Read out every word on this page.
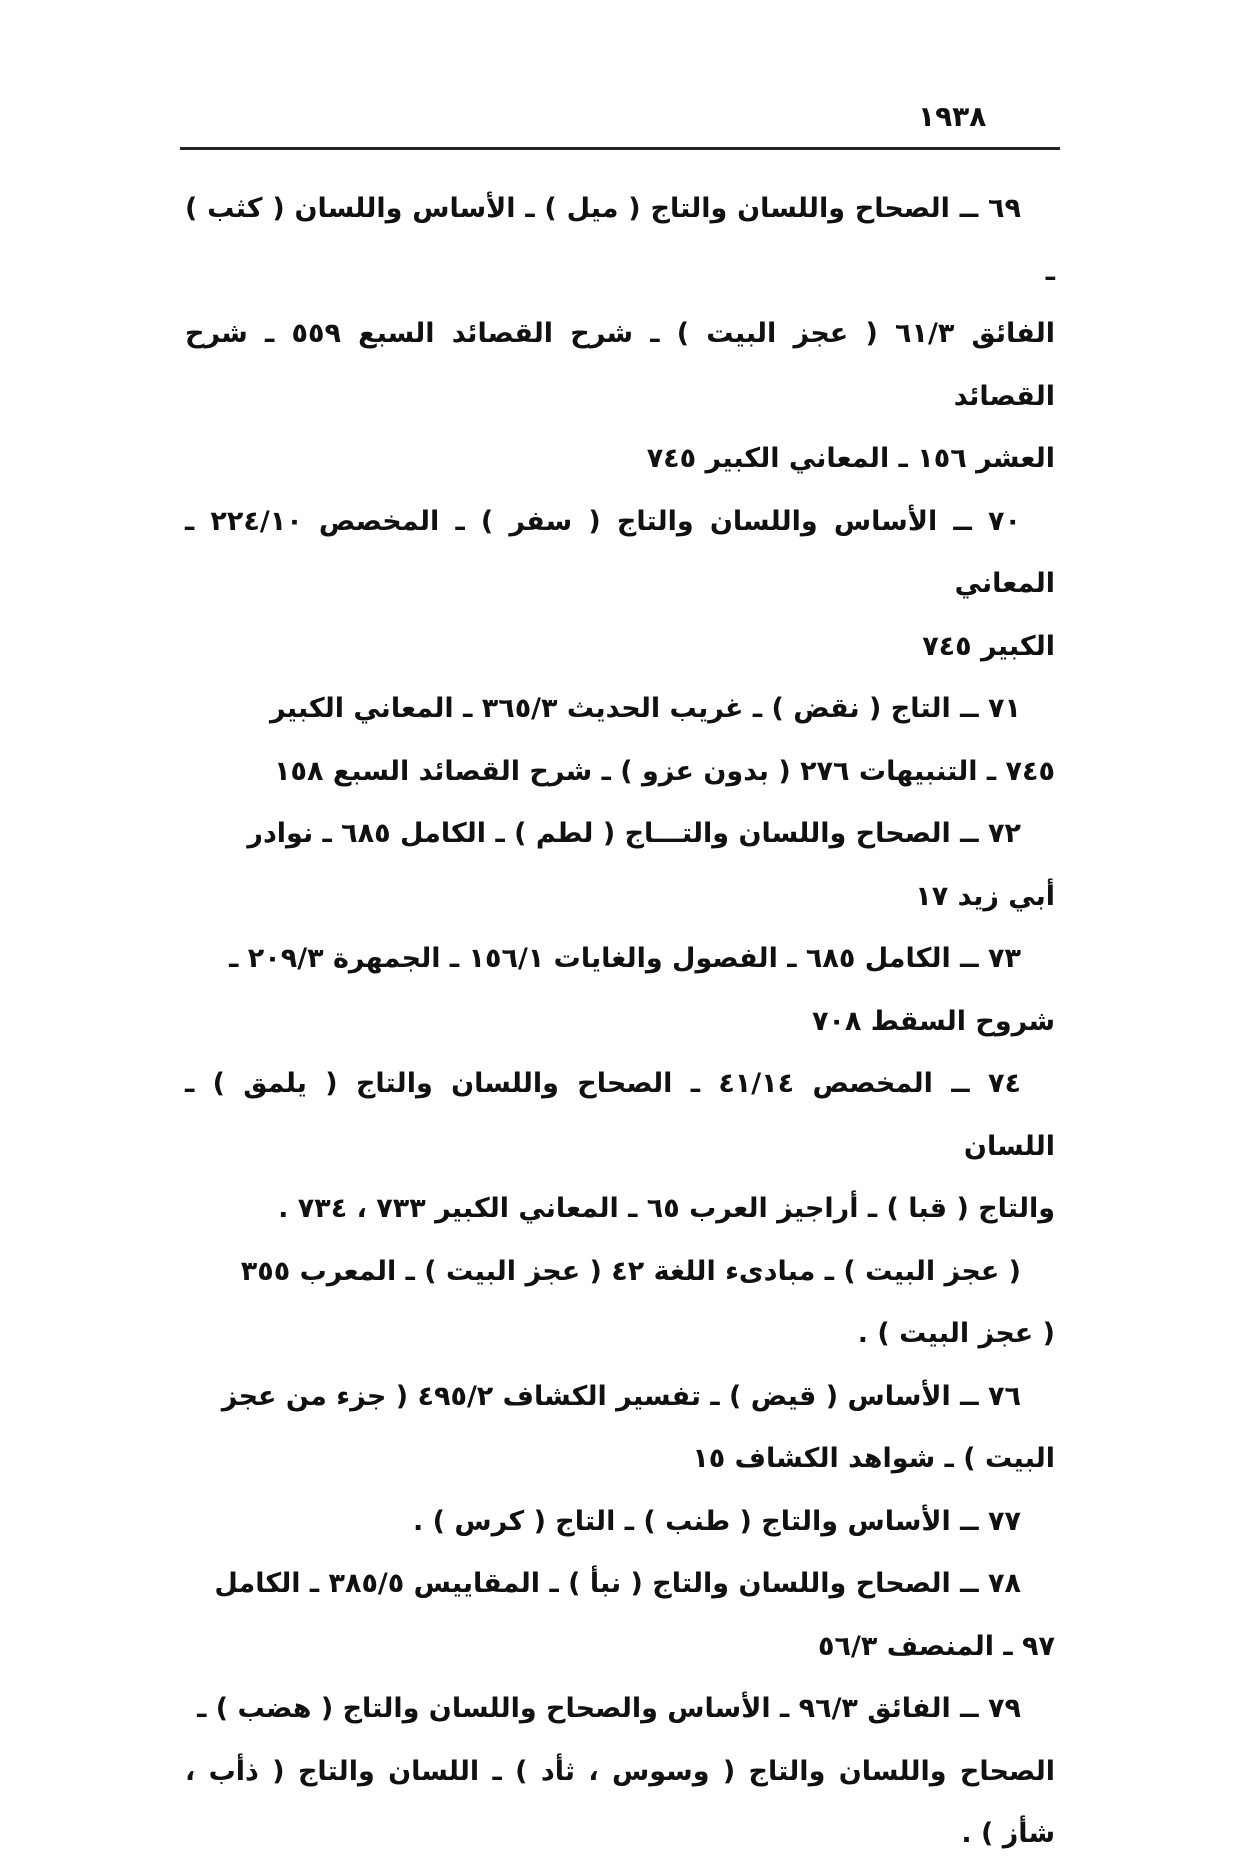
١٩٣٨

٦٩ ــ الصحاح واللسان والتاج ( ميل ) ـ الأساس واللسان ( كثب ) ـ
الفائق ٦١/٣ ( عجز البيت ) ـ شرح القصائد السبع ٥٥٩ ـ شرح القصائد
العشر ١٥٦ ـ المعاني الكبير ٧٤٥

٧٠ ــ الأساس واللسان والتاج ( سفر ) ـ المخصص ٢٢٤/١٠ ـ المعاني
الكبير ٧٤٥

٧١ ــ التاج ( نقض ) ـ غريب الحديث ٣٦٥/٣ ـ المعاني الكبير
٧٤٥ ـ التنبيهات ٢٧٦ ( بدون عزو ) ـ شرح القصائد السبع ١٥٨

٧٢ ــ الصحاح واللسان والتـــاج ( لطم ) ـ الكامل ٦٨٥ ـ نوادر
أبي زيد ١٧

٧٣ ــ الكامل ٦٨٥ ـ الفصول والغايات ١٥٦/١ ـ الجمهرة ٢٠٩/٣ ـ
شروح السقط ٧٠٨

٧٤ ــ المخصص ٤١/١٤ ـ الصحاح واللسان والتاج ( يلمق ) ـ اللسان
والتاج ( قبا ) ـ أراجيز العرب ٦٥ ـ المعاني الكبير ٧٣٣ ، ٧٣٤ .
( عجز البيت ) ـ مبادىء اللغة ٤٢ ( عجز البيت ) ـ المعرب ٣٥٥
( عجز البيت ) .

٧٦ ــ الأساس ( قيض ) ـ تفسير الكشاف ٤٩٥/٢ ( جزء من عجز
البيت ) ـ شواهد الكشاف ١٥

٧٧ ــ الأساس والتاج ( طنب ) ـ التاج ( كرس ) .

٧٨ ــ الصحاح واللسان والتاج ( نبأ ) ـ المقاييس ٣٨٥/٥ ـ الكامل
٩٧ ـ المنصف ٥٦/٣

٧٩ ــ الفائق ٩٦/٣ ـ الأساس والصحاح واللسان والتاج ( هضب ) ـ
الصحاح واللسان والتاج ( وسوس ، ثأد ) ـ اللسان والتاج ( ذأب ، شأز ) .
